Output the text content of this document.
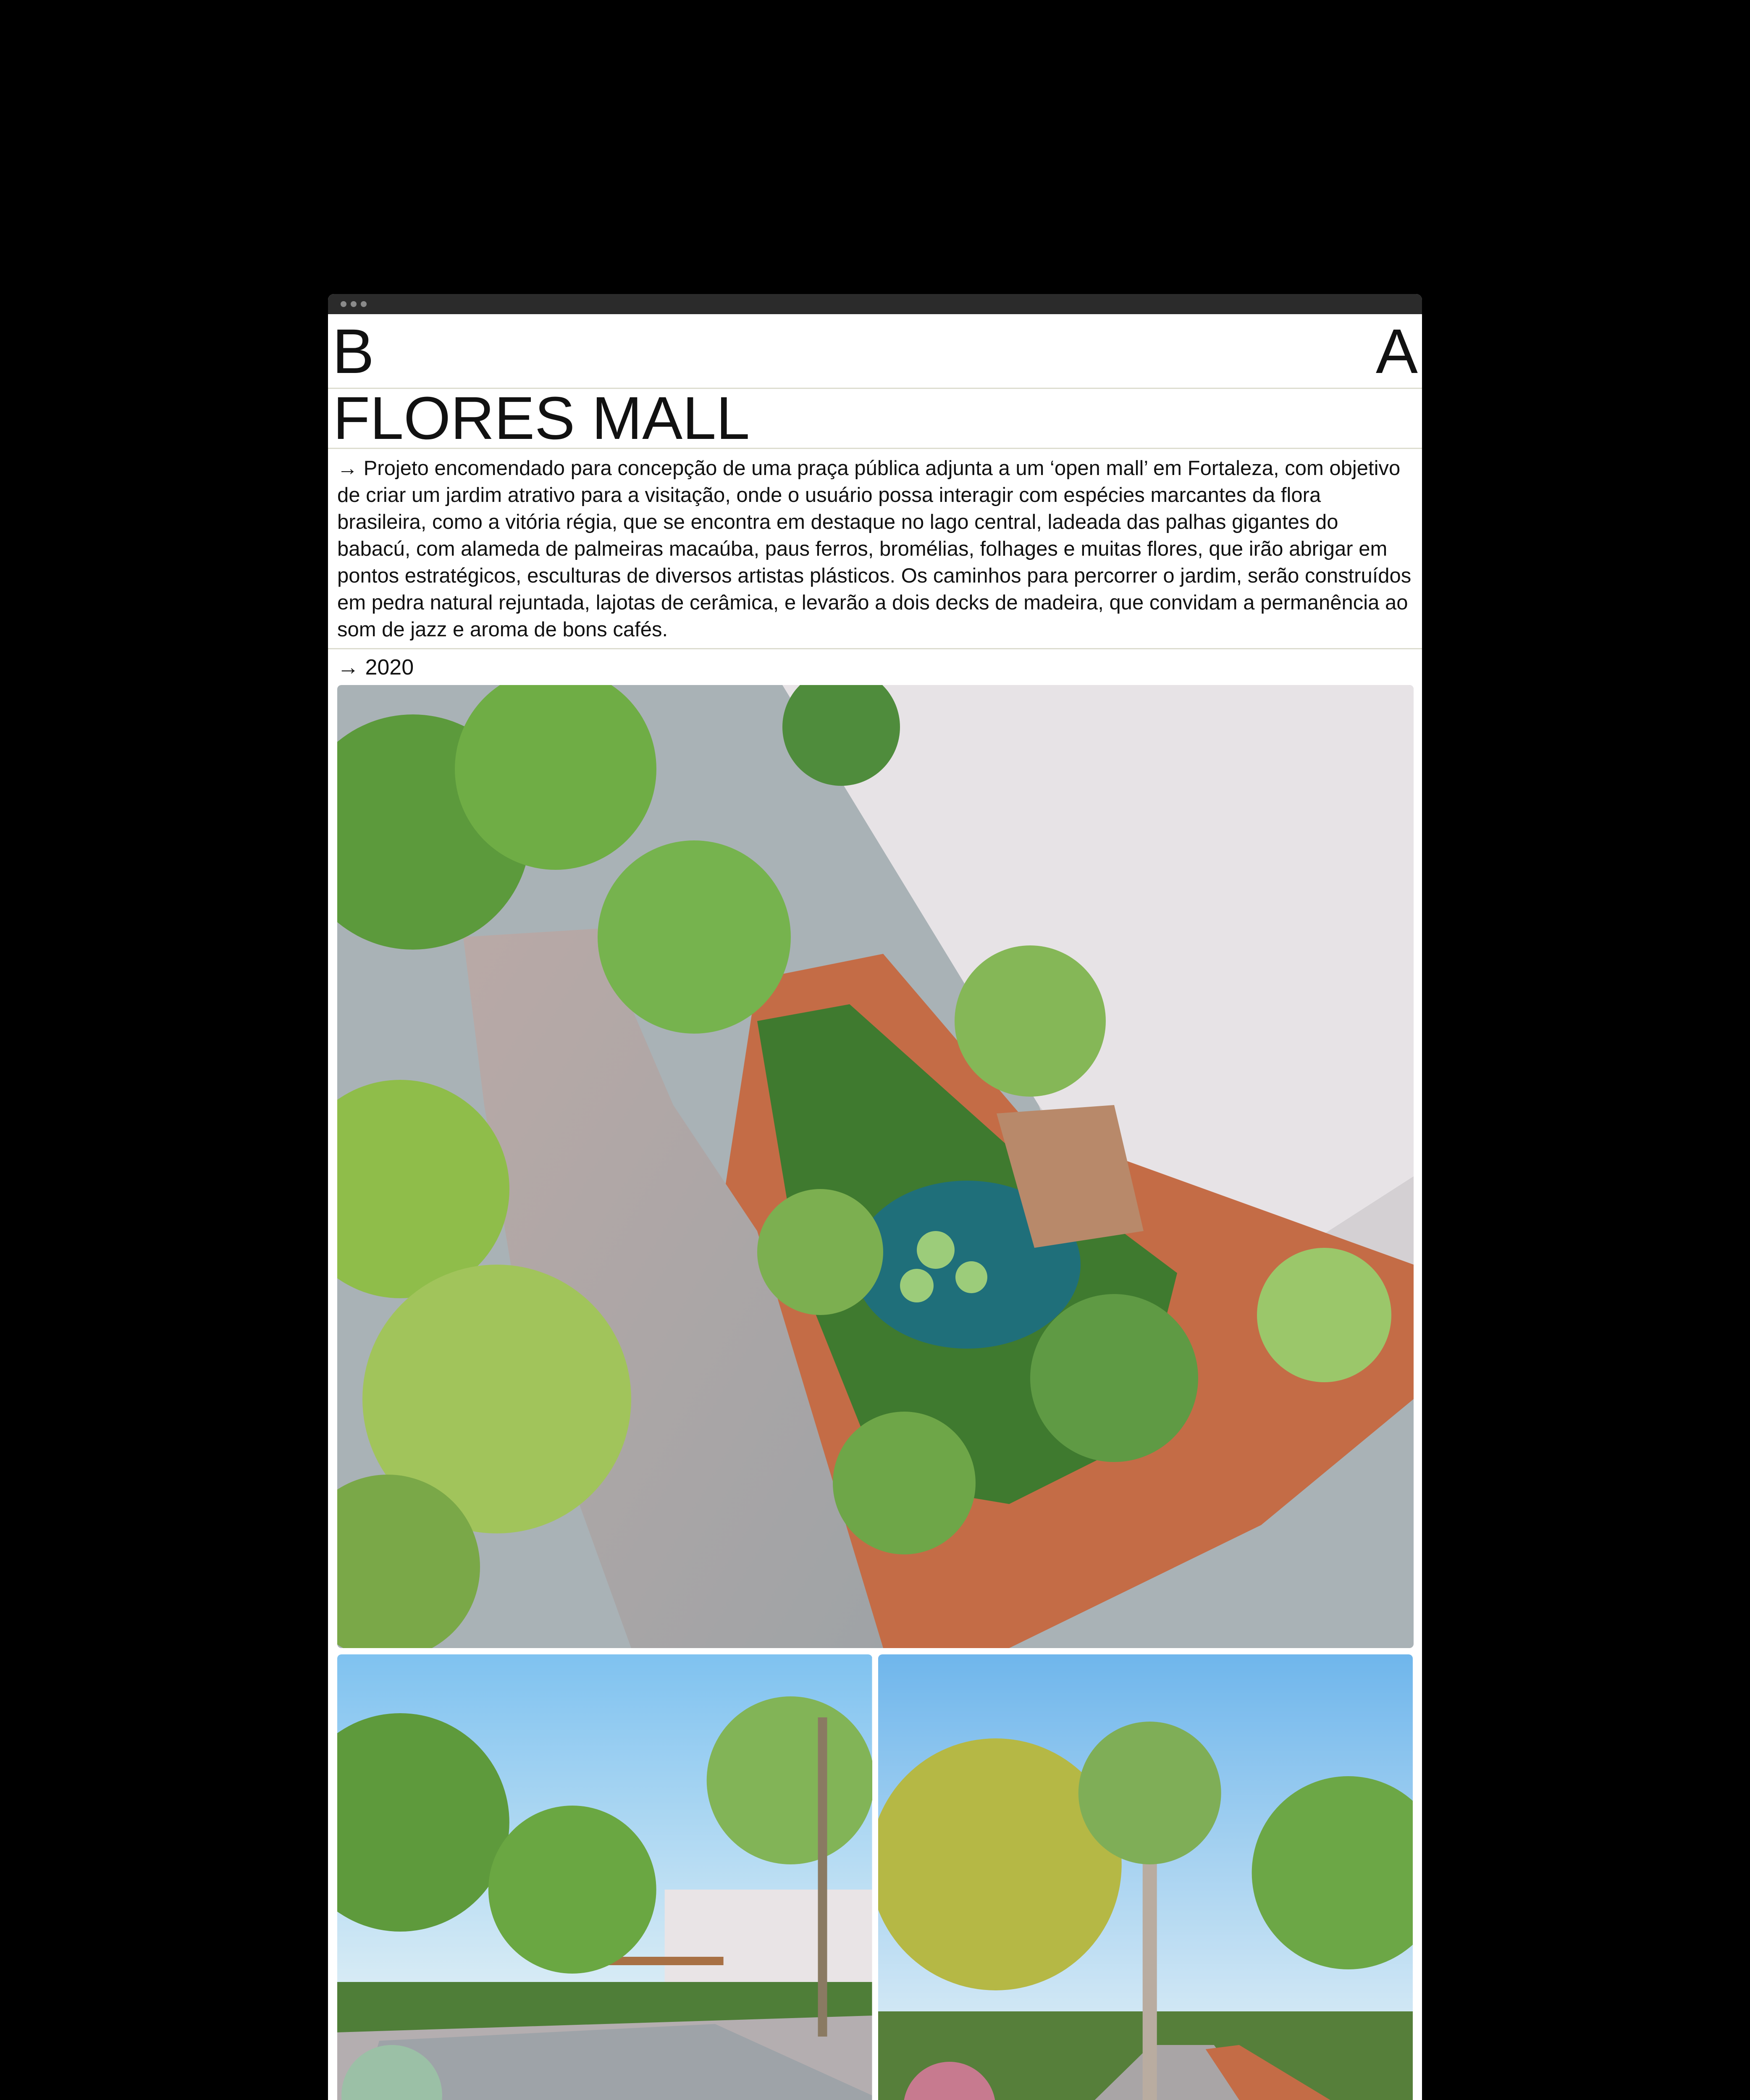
B	A
FLORES MALL
→ Projeto encomendado para concepção de uma praça pública adjunta a um ‘open mall’ em Fortaleza, com objetivo de criar um jardim atrativo para a visitação, onde o usuário possa interagir com espécies marcantes da flora brasileira, como a vitória régia, que se encontra em destaque no lago central, ladeada das palhas gigantes do babacú, com alameda de palmeiras macaúba, paus ferros, bromélias, folhages e muitas flores, que irão abrigar em pontos estratégicos, esculturas de diversos artistas plásticos. Os caminhos para percorrer o jardim, serão construídos em pedra natural rejuntada, lajotas de cerâmica, e levarão a dois decks de madeira, que convidam a permanência ao som de jazz e aroma de bons cafés.
→ 2020
